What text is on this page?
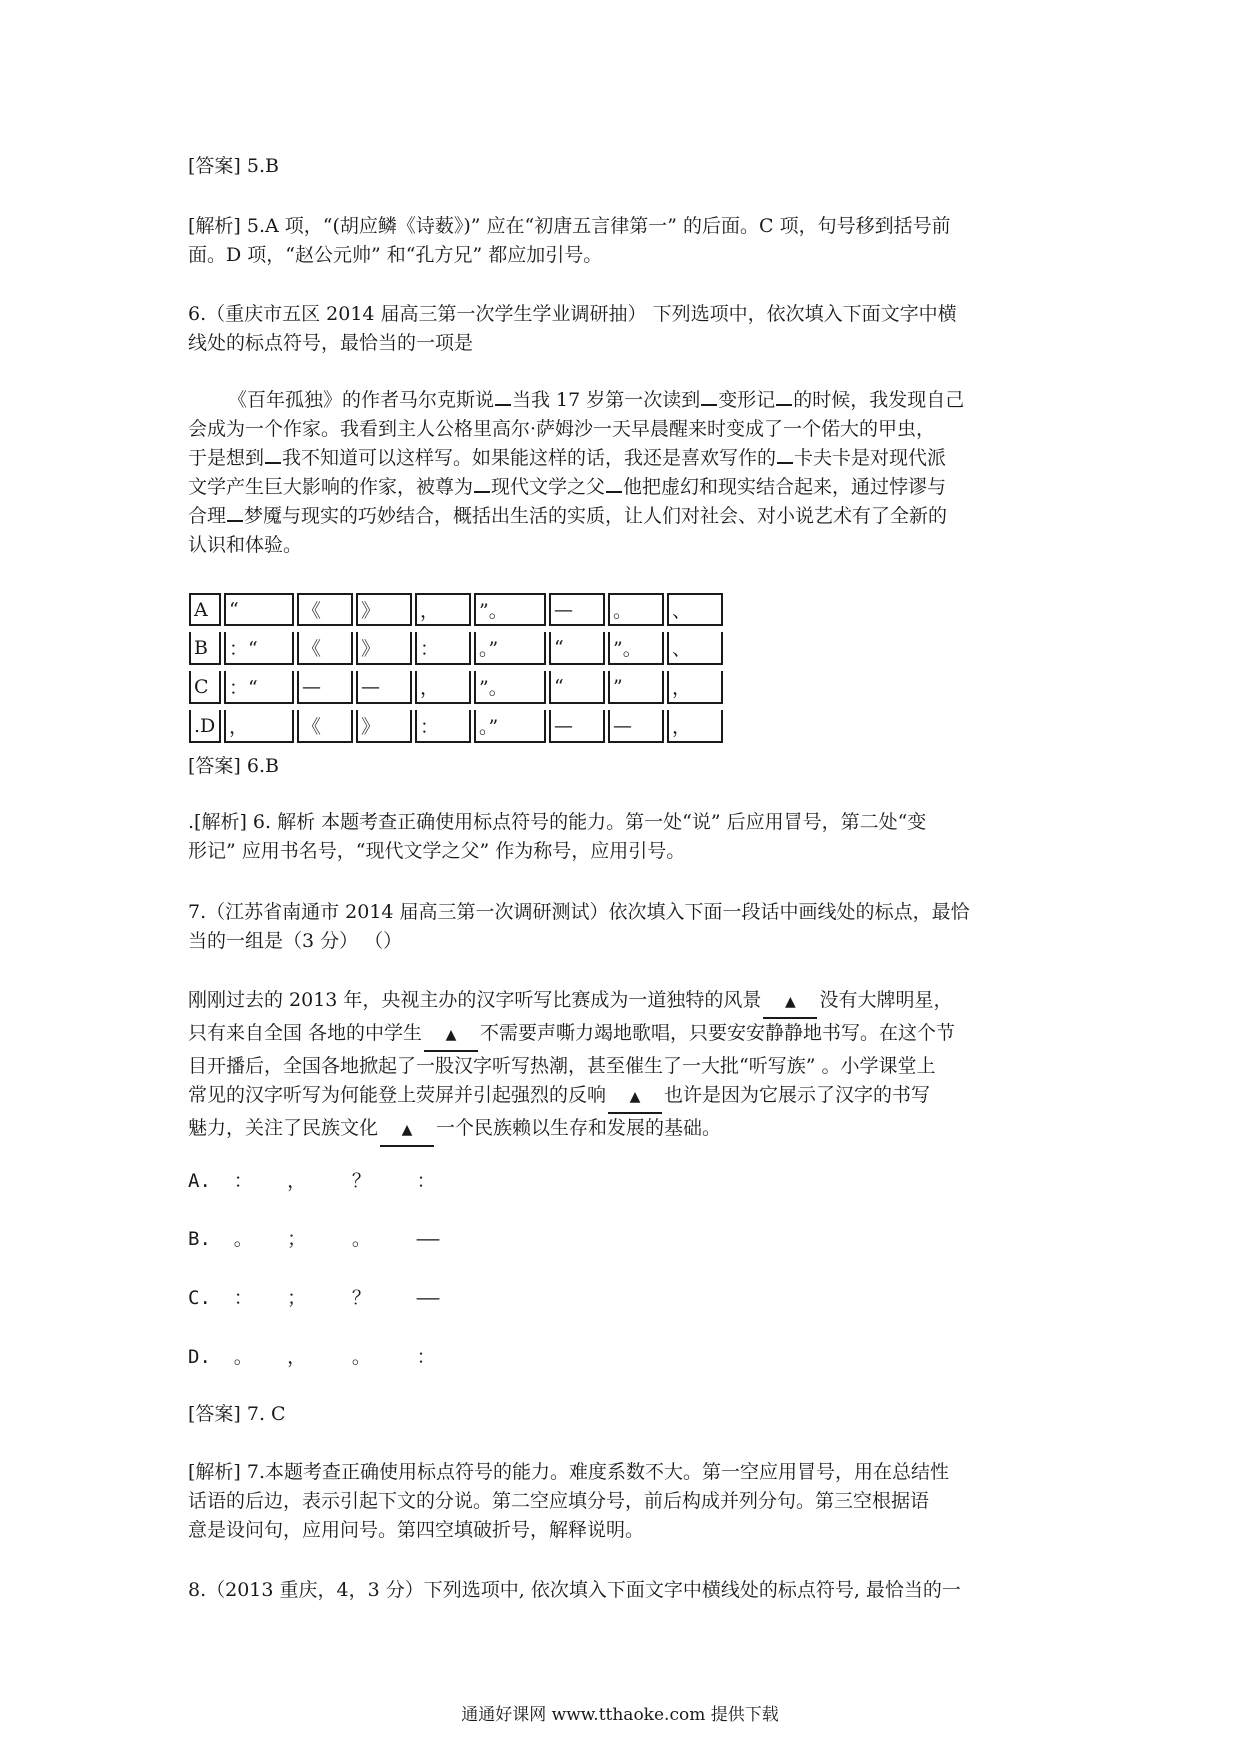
[答案] 5.B

[解析] 5.A 项，“(胡应鳞《诗薮》)” 应在“初唐五言律第一” 的后面。C 项，句号移到括号前

面。D 项，“赵公元帅” 和“孔方兄” 都应加引号。

6.（重庆市五区 2014 届高三第一次学生学业调研抽） 下列选项中，依次填入下面文字中横

线处的标点符号，最恰当的一项是

《百年孤独》的作者马尔克斯说 当我 17 岁第一次读到 变形记 的时候，我发现自己

会成为一个作家。我看到主人公格里高尔·萨姆沙一天早晨醒来时变成了一个偌大的甲虫，

于是想到 我不知道可以这样写。如果能这样的话，我还是喜欢写作的 卡夫卡是对现代派

文学产生巨大影响的作家，被尊为 现代文学之父 他把虚幻和现实结合起来，通过悖谬与

合理 梦魇与现实的巧妙结合，概括出生活的实质，让人们对社会、对小说艺术有了全新的

认识和体验。

A	“	《	》	，	”。	—	。	、

B	：“	《	》	：	。”	“	”。	、

C	：“	—	—	，	”。	“	”	，

.D	，	《	》	：	。”	—	—	，

[答案] 6.B

.[解析] 6. 解析 本题考查正确使用标点符号的能力。第一处“说” 后应用冒号，第二处“变

形记” 应用书名号，“现代文学之父” 作为称号，应用引号。

7.（江苏省南通市 2014 届高三第一次调研测试）依次填入下面一段话中画线处的标点，最恰

当的一组是（3 分） （）

刚刚过去的 2013 年，央视主办的汉字听写比赛成为一道独特的风景 ▲ 没有大牌明星，

只有来自全国 各地的中学生 ▲ 不需要声嘶力竭地歌唱，只要安安静静地书写。在这个节

目开播后，全国各地掀起了一股汉字听写热潮，甚至催生了一大批“听写族” 。小学课堂上

常见的汉字听写为何能登上荧屏并引起强烈的反响 ▲ 也许是因为它展示了汉字的书写

魅力，关注了民族文化 ▲ 一个民族赖以生存和发展的基础。

A.  ：   ，    ？    ：
B.  。   ；    。    ——
C.  ：   ；    ？    ——
D.  。   ，    。    ：

[答案] 7. C

[解析] 7.本题考查正确使用标点符号的能力。难度系数不大。第一空应用冒号，用在总结性

话语的后边，表示引起下文的分说。第二空应填分号，前后构成并列分句。第三空根据语

意是设问句，应用问号。第四空填破折号，解释说明。

8.（2013 重庆，4，3 分）下列选项中, 依次填入下面文字中横线处的标点符号, 最恰当的一

通通好课网 www.tthaoke.com 提供下载
